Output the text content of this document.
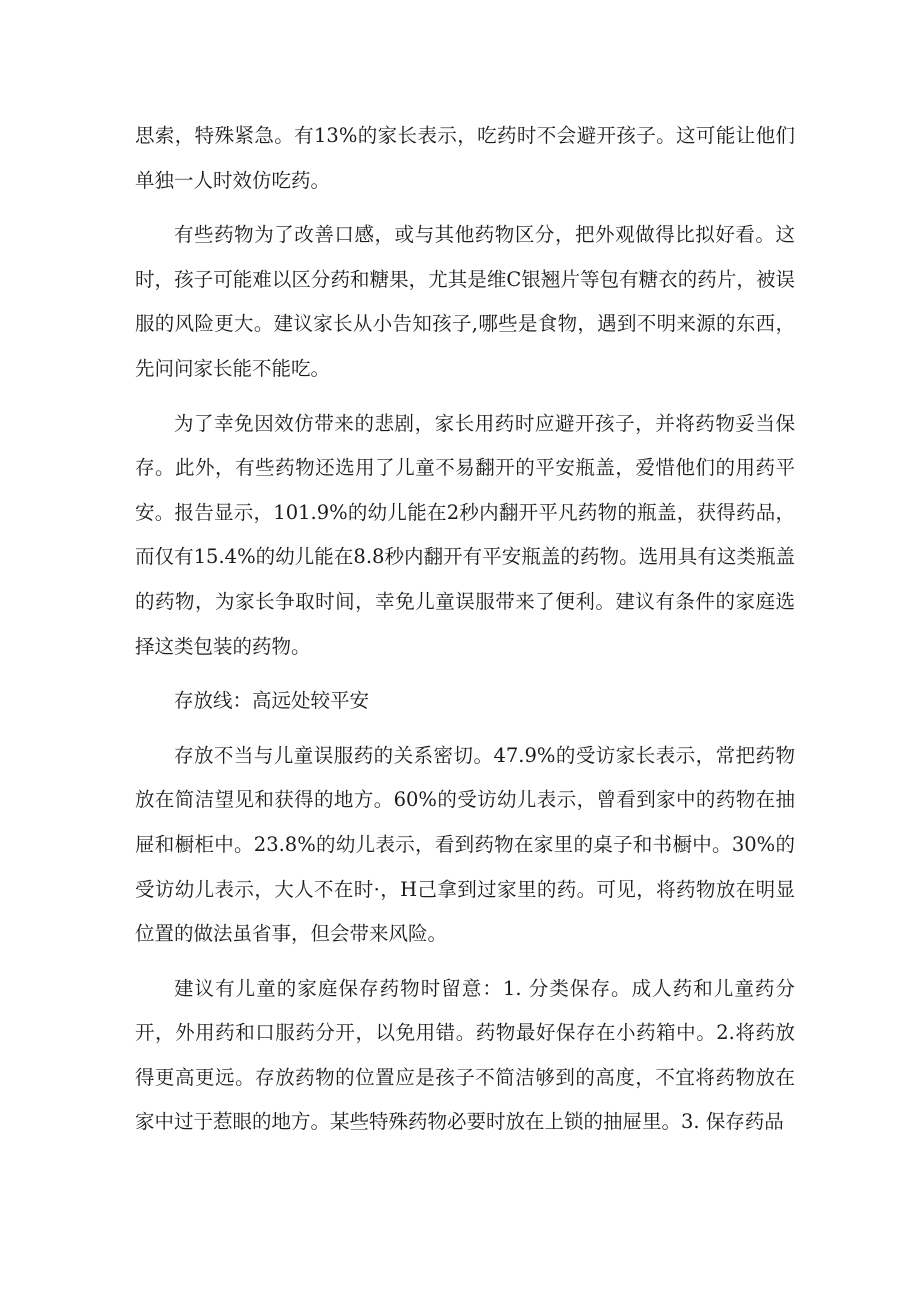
思索，特殊紧急。有13%的家长表示，吃药时不会避开孩子。这可能让他们单独一人时效仿吃药。

有些药物为了改善口感，或与其他药物区分，把外观做得比拟好看。这时，孩子可能难以区分药和糖果，尤其是维C银翘片等包有糖衣的药片，被误服的风险更大。建议家长从小告知孩子,哪些是食物，遇到不明来源的东西，先问问家长能不能吃。

为了幸免因效仿带来的悲剧，家长用药时应避开孩子，并将药物妥当保存。此外，有些药物还选用了儿童不易翻开的平安瓶盖，爱惜他们的用药平安。报告显示，101.9%的幼儿能在2秒内翻开平凡药物的瓶盖，获得药品，而仅有15.4%的幼儿能在8.8秒内翻开有平安瓶盖的药物。选用具有这类瓶盖的药物，为家长争取时间，幸免儿童误服带来了便利。建议有条件的家庭选择这类包装的药物。

存放线：高远处较平安

存放不当与儿童误服药的关系密切。47.9%的受访家长表示，常把药物放在简洁望见和获得的地方。60%的受访幼儿表示，曾看到家中的药物在抽屉和橱柜中。23.8%的幼儿表示，看到药物在家里的桌子和书橱中。30%的受访幼儿表示，大人不在时·，H己拿到过家里的药。可见，将药物放在明显位置的做法虽省事，但会带来风险。

建议有儿童的家庭保存药物时留意：1. 分类保存。成人药和儿童药分开，外用药和口服药分开，以免用错。药物最好保存在小药箱中。2.将药放得更高更远。存放药物的位置应是孩子不简洁够到的高度，不宜将药物放在家中过于惹眼的地方。某些特殊药物必要时放在上锁的抽屉里。3. 保存药品
